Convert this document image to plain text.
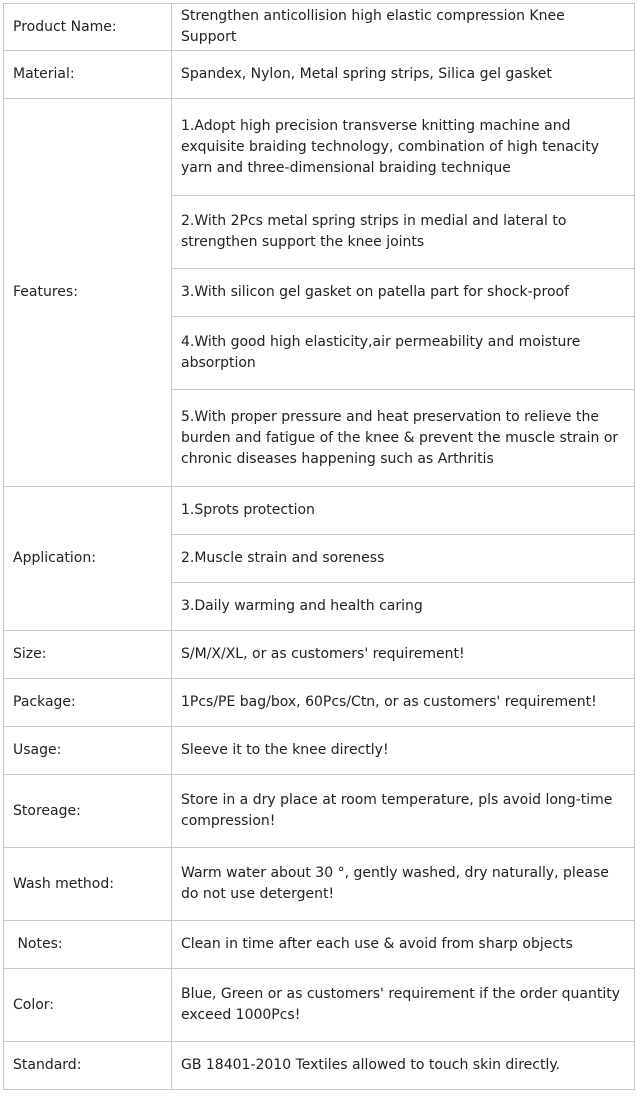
Product Name:	Strengthen anticollision high elastic compression Knee Support
Material:	Spandex, Nylon, Metal spring strips, Silica gel gasket
Features:	1.Adopt high precision transverse knitting machine and exquisite braiding technology, combination of high tenacity yarn and three-dimensional braiding technique
	2.With 2Pcs metal spring strips in medial and lateral to strengthen support the knee joints
	3.With silicon gel gasket on patella part for shock-proof
	4.With good high elasticity,air permeability and moisture absorption
	5.With proper pressure and heat preservation to relieve the burden and fatigue of the knee & prevent the muscle strain or chronic diseases happening such as Arthritis
Application:	1.Sprots protection
	2.Muscle strain and soreness
	3.Daily warming and health caring
Size:	S/M/X/XL, or as customers' requirement!
Package:	1Pcs/PE bag/box, 60Pcs/Ctn, or as customers' requirement!
Usage:	Sleeve it to the knee directly!
Storeage:	Store in a dry place at room temperature, pls avoid long-time compression!
Wash method:	Warm water about 30 °, gently washed, dry naturally, please do not use detergent!
Notes:	Clean in time after each use & avoid from sharp objects
Color:	Blue, Green or as customers' requirement if the order quantity exceed 1000Pcs!
Standard:	GB 18401-2010 Textiles allowed to touch skin directly.
